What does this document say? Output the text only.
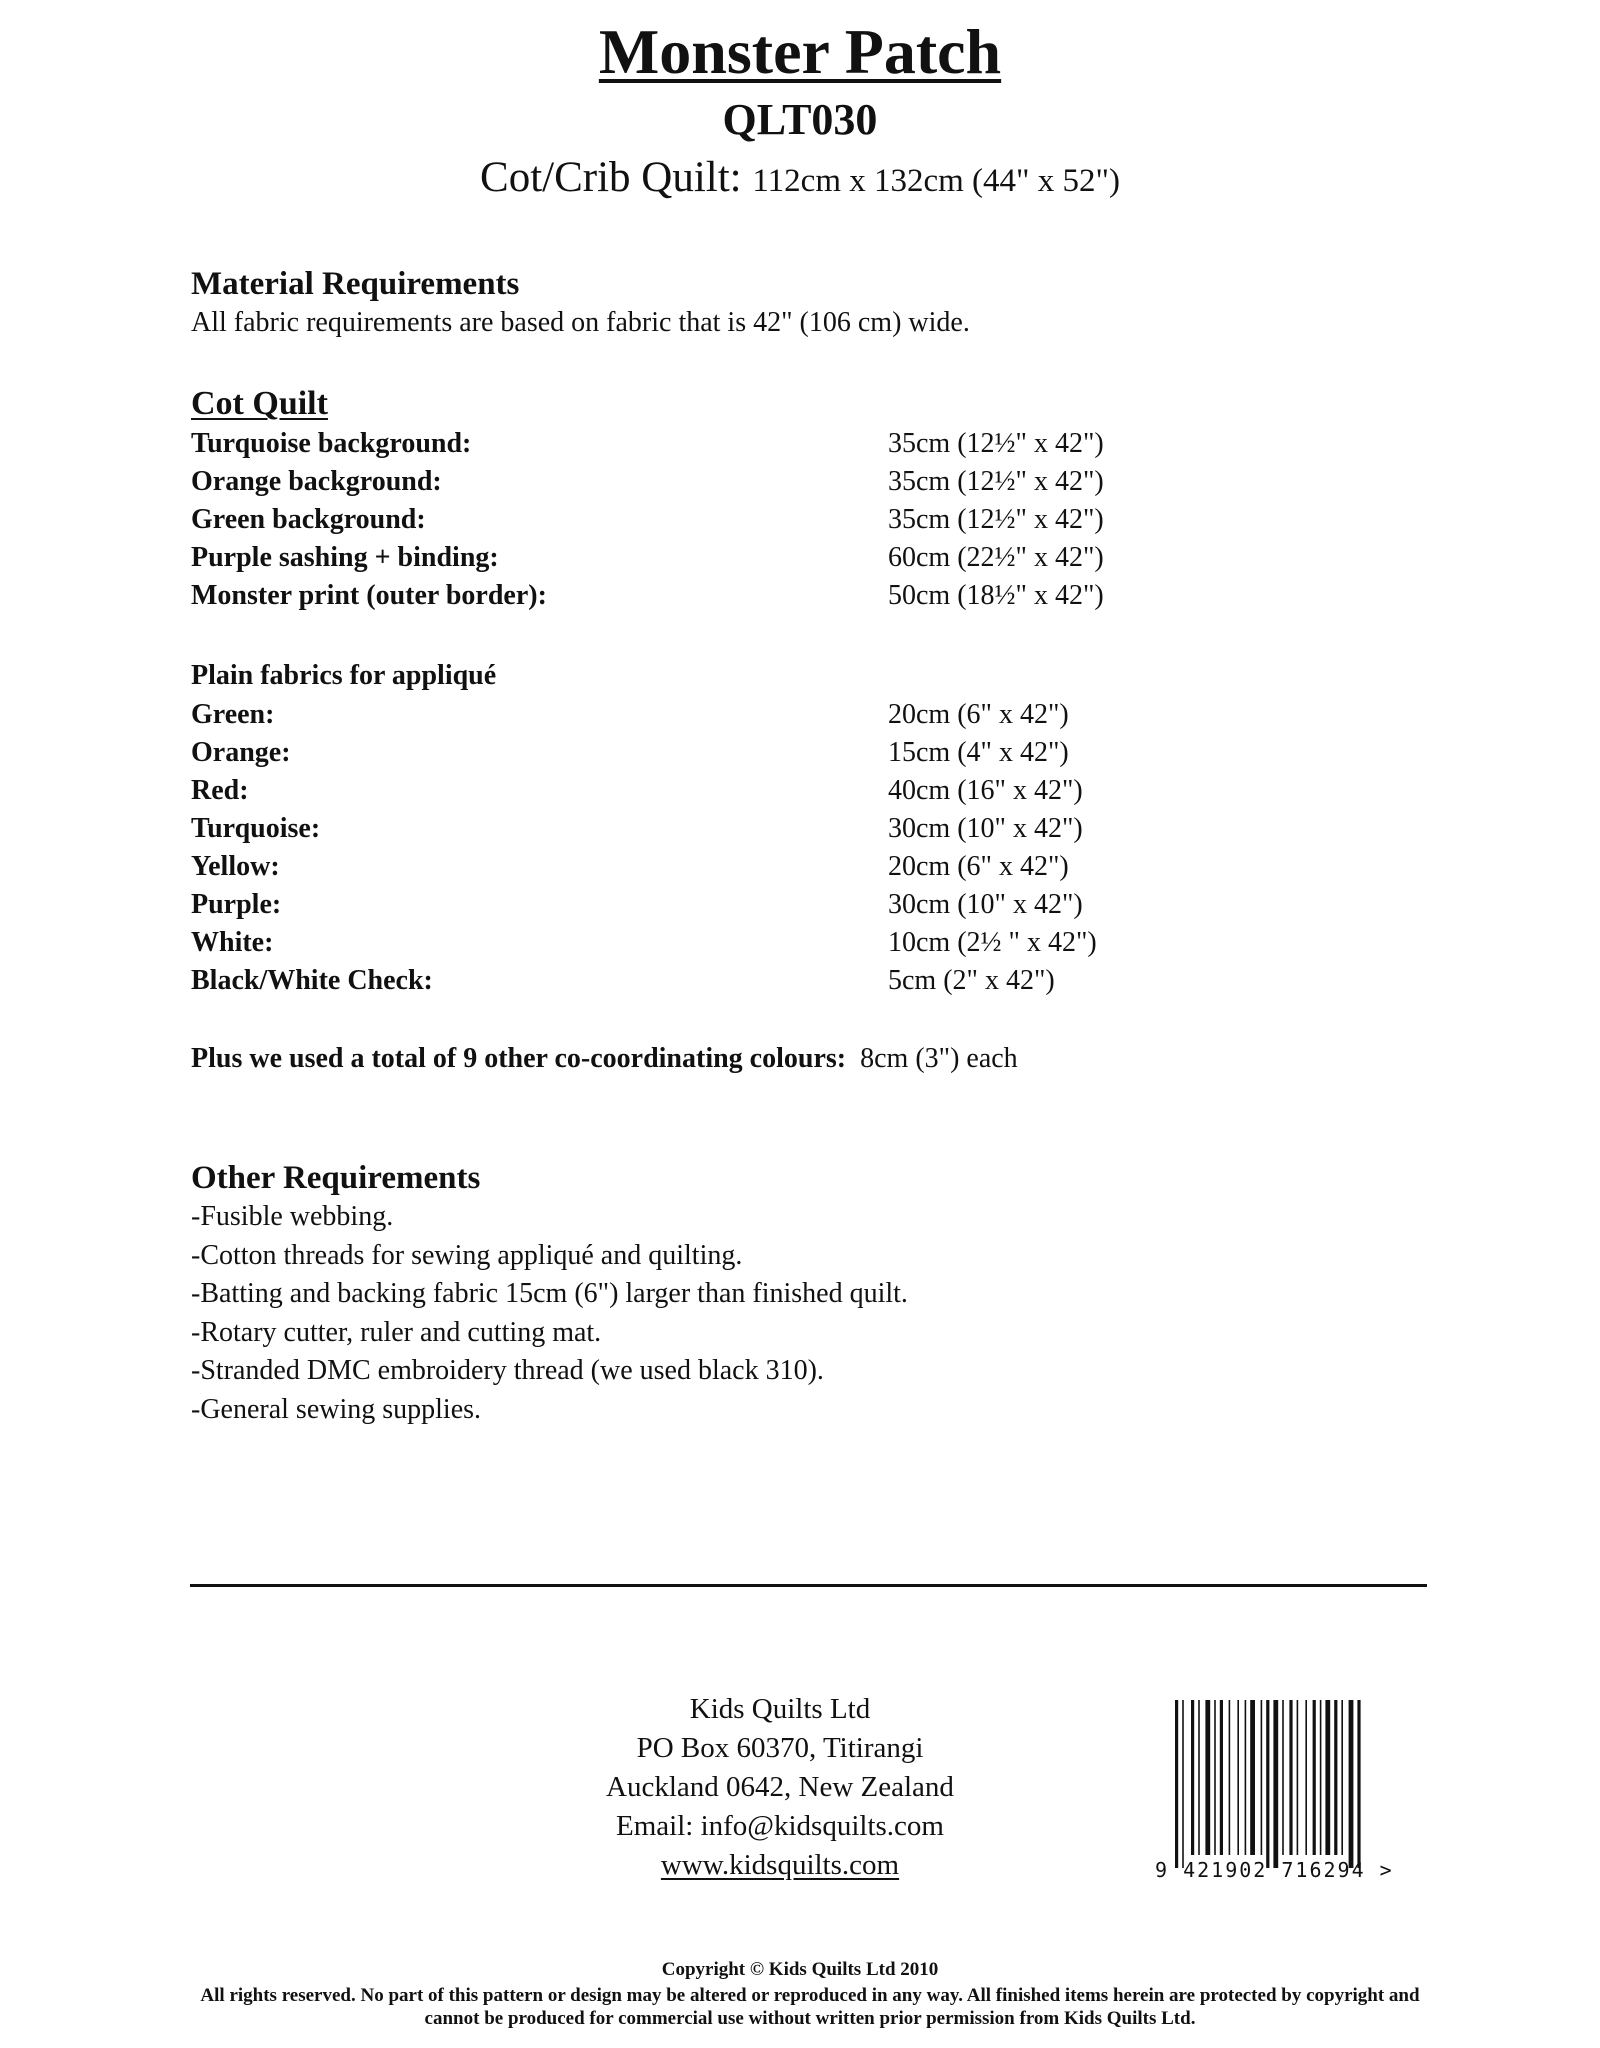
Monster Patch
QLT030
Cot/Crib Quilt: 112cm x 132cm (44" x 52")
Material Requirements
All fabric requirements are based on fabric that is 42" (106 cm) wide.
Cot Quilt
Turquoise background:	35cm (12½" x 42")
Orange background:	35cm (12½" x 42")
Green background:	35cm (12½" x 42")
Purple sashing + binding:	60cm (22½" x 42")
Monster print (outer border):	50cm (18½" x 42")
Plain fabrics for appliqué
Green:	20cm (6" x 42")
Orange:	15cm (4" x 42")
Red:	40cm (16" x 42")
Turquoise:	30cm (10" x 42")
Yellow:	20cm (6" x 42")
Purple:	30cm (10" x 42")
White:	10cm (2½ " x 42")
Black/White Check:	5cm (2" x 42")
Plus we used a total of 9 other co-coordinating colours: 8cm (3") each
Other Requirements
-Fusible webbing.
-Cotton threads for sewing appliqué and quilting.
-Batting and backing fabric 15cm (6") larger than finished quilt.
-Rotary cutter, ruler and cutting mat.
-Stranded DMC embroidery thread (we used black 310).
-General sewing supplies.
Kids Quilts Ltd
PO Box 60370, Titirangi
Auckland 0642, New Zealand
Email: info@kidsquilts.com
www.kidsquilts.com	9 421902 716294 >
Copyright © Kids Quilts Ltd 2010
All rights reserved. No part of this pattern or design may be altered or reproduced in any way. All finished items herein are protected by copyright and cannot be produced for commercial use without written prior permission from Kids Quilts Ltd.
